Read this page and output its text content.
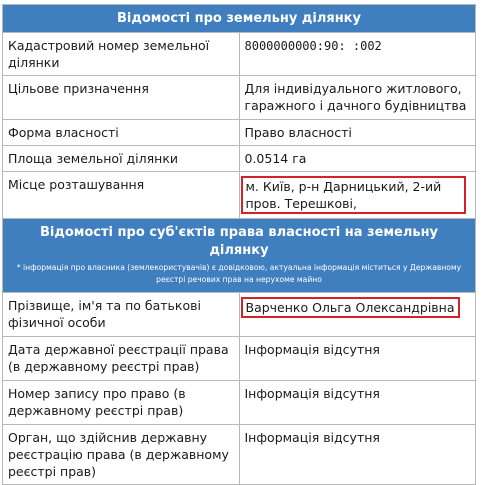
Відомості про земельну ділянку	
Кадастровий номер земельної ділянки	8000000000:90: :002
Цільове призначення	Для індивідуального житлового, гаражного і дачного будівництва
Форма власності	Право власності
Площа земельної ділянки	0.0514 га
Місце розташування	м. Київ, р-н Дарницький, 2-ий пров. Терешкові,

Відомості про суб'єктів права власності на земельну ділянку
* інформація про власника (землекористувачів) є довідковою, актуальна інформація міститься у Державному реєстрі речових прав на нерухоме майно	

Прізвище, ім'я та по батькові фізичної особи	Варченко Ольга Олександрівна
Дата державної реєстрації права (в державному реєстрі прав)	Інформація відсутня
Номер запису про право (в державному реєстрі прав)	Інформація відсутня
Орган, що здійснив державну реєстрацію права (в державному реєстрі прав)	Інформація відсутня
